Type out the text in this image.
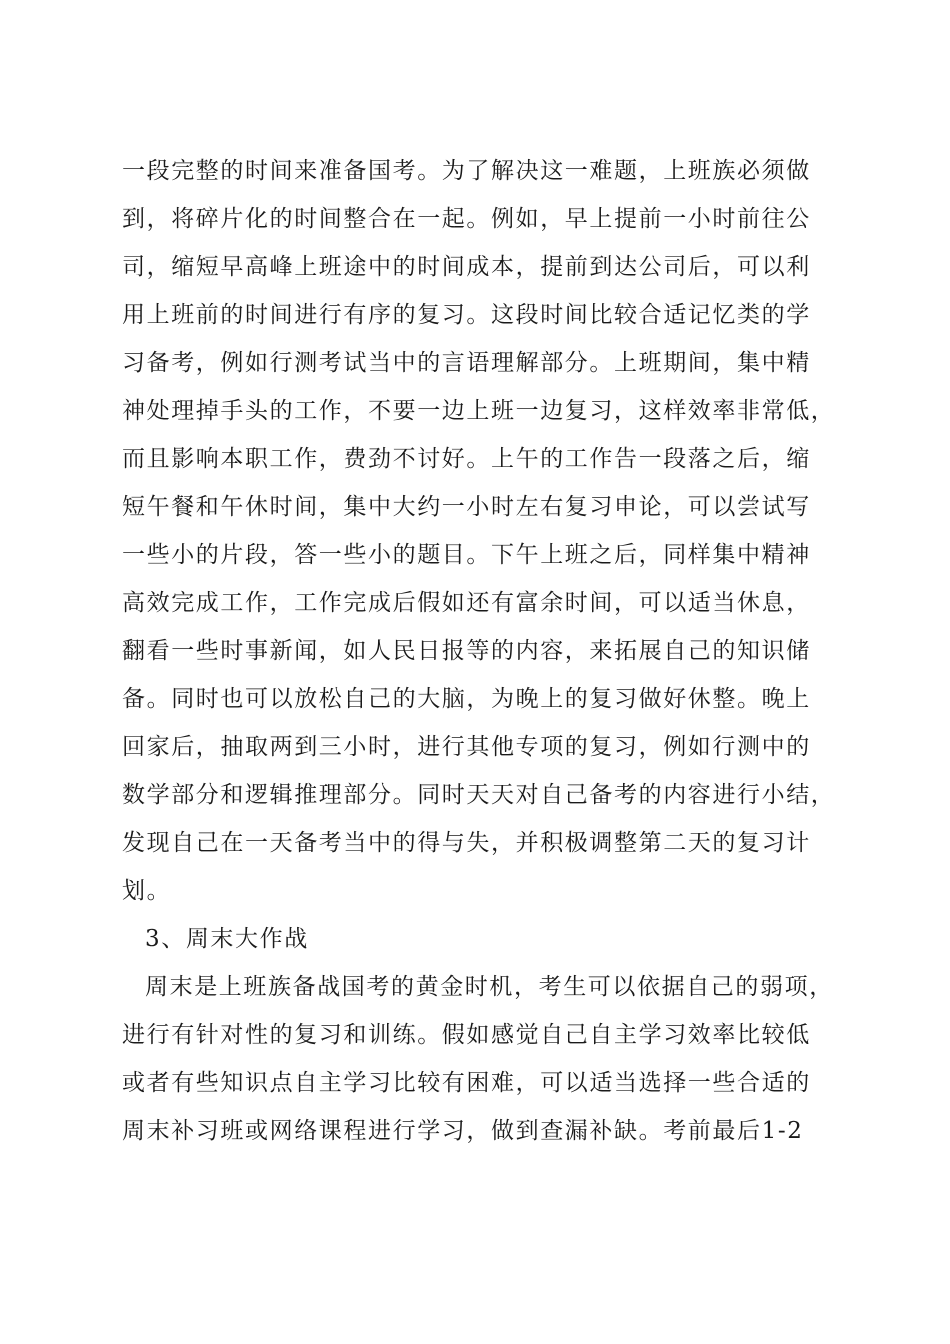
一段完整的时间来准备国考。为了解决这一难题，上班族必须做
到，将碎片化的时间整合在一起。例如，早上提前一小时前往公
司，缩短早高峰上班途中的时间成本，提前到达公司后，可以利
用上班前的时间进行有序的复习。这段时间比较合适记忆类的学
习备考，例如行测考试当中的言语理解部分。上班期间，集中精
神处理掉手头的工作，不要一边上班一边复习，这样效率非常低，
而且影响本职工作，费劲不讨好。上午的工作告一段落之后，缩
短午餐和午休时间，集中大约一小时左右复习申论，可以尝试写
一些小的片段，答一些小的题目。下午上班之后，同样集中精神
高效完成工作，工作完成后假如还有富余时间，可以适当休息，
翻看一些时事新闻，如人民日报等的内容，来拓展自己的知识储
备。同时也可以放松自己的大脑，为晚上的复习做好休整。晚上
回家后，抽取两到三小时，进行其他专项的复习，例如行测中的
数学部分和逻辑推理部分。同时天天对自己备考的内容进行小结，
发现自己在一天备考当中的得与失，并积极调整第二天的复习计
划。
3、周末大作战
周末是上班族备战国考的黄金时机，考生可以依据自己的弱项，
进行有针对性的复习和训练。假如感觉自己自主学习效率比较低
或者有些知识点自主学习比较有困难，可以适当选择一些合适的
周末补习班或网络课程进行学习，做到查漏补缺。考前最后1-2
